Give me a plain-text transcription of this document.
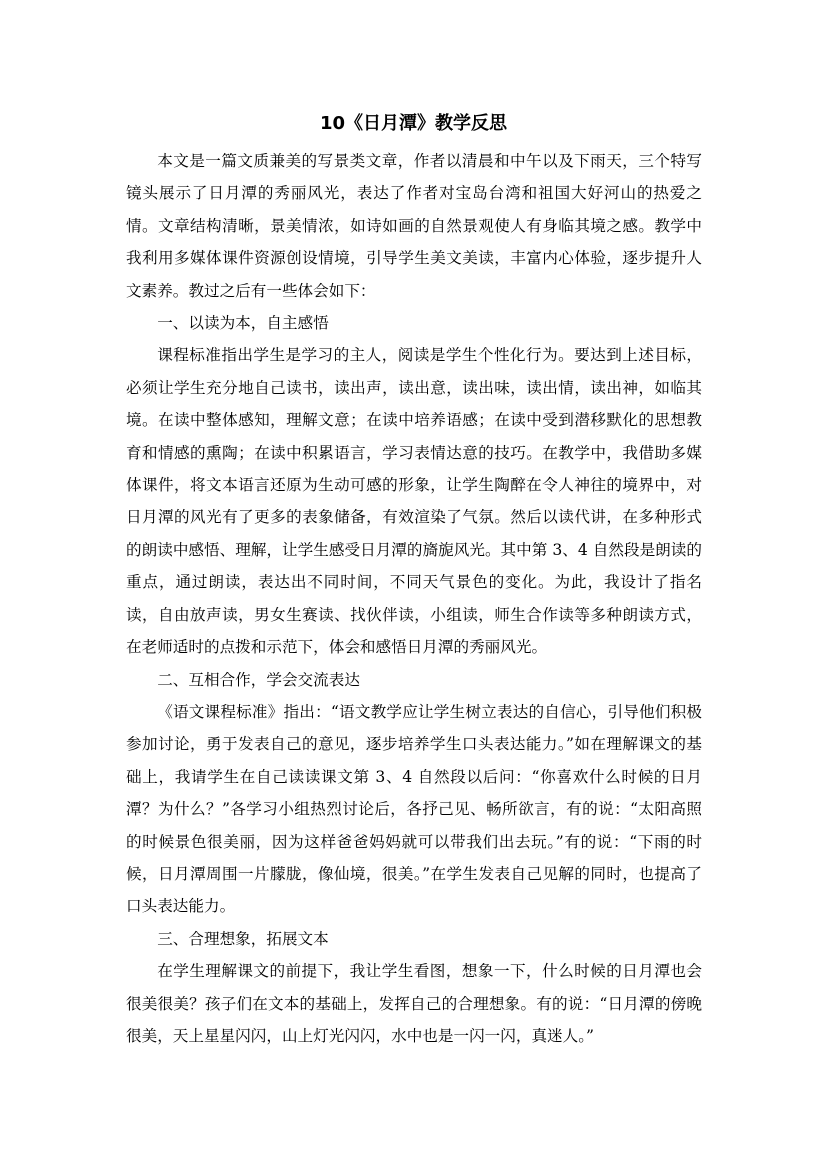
10《日月潭》教学反思

本文是一篇文质兼美的写景类文章，作者以清晨和中午以及下雨天，三个特写镜头展示了日月潭的秀丽风光，表达了作者对宝岛台湾和祖国大好河山的热爱之情。文章结构清晰，景美情浓，如诗如画的自然景观使人有身临其境之感。教学中我利用多媒体课件资源创设情境，引导学生美文美读，丰富内心体验，逐步提升人文素养。教过之后有一些体会如下：

一、以读为本，自主感悟

课程标准指出学生是学习的主人，阅读是学生个性化行为。要达到上述目标，必须让学生充分地自己读书，读出声，读出意，读出味，读出情，读出神，如临其境。在读中整体感知，理解文意；在读中培养语感；在读中受到潜移默化的思想教育和情感的熏陶；在读中积累语言，学习表情达意的技巧。在教学中，我借助多媒体课件，将文本语言还原为生动可感的形象，让学生陶醉在令人神往的境界中，对日月潭的风光有了更多的表象储备，有效渲染了气氛。然后以读代讲，在多种形式的朗读中感悟、理解，让学生感受日月潭的旖旎风光。其中第 3、4 自然段是朗读的重点，通过朗读，表达出不同时间，不同天气景色的变化。为此，我设计了指名读，自由放声读，男女生赛读、找伙伴读，小组读，师生合作读等多种朗读方式，在老师适时的点拨和示范下，体会和感悟日月潭的秀丽风光。

二、互相合作，学会交流表达

《语文课程标准》指出：“语文教学应让学生树立表达的自信心，引导他们积极参加讨论，勇于发表自己的意见，逐步培养学生口头表达能力。”如在理解课文的基础上，我请学生在自己读读课文第 3、4 自然段以后问：“你喜欢什么时候的日月潭？为什么？”各学习小组热烈讨论后，各抒己见、畅所欲言，有的说：“太阳高照的时候景色很美丽，因为这样爸爸妈妈就可以带我们出去玩。”有的说：“下雨的时候，日月潭周围一片朦胧，像仙境，很美。”在学生发表自己见解的同时，也提高了口头表达能力。

三、合理想象，拓展文本

在学生理解课文的前提下，我让学生看图，想象一下，什么时候的日月潭也会很美很美？孩子们在文本的基础上，发挥自己的合理想象。有的说：“日月潭的傍晚很美，天上星星闪闪，山上灯光闪闪，水中也是一闪一闪，真迷人。”
